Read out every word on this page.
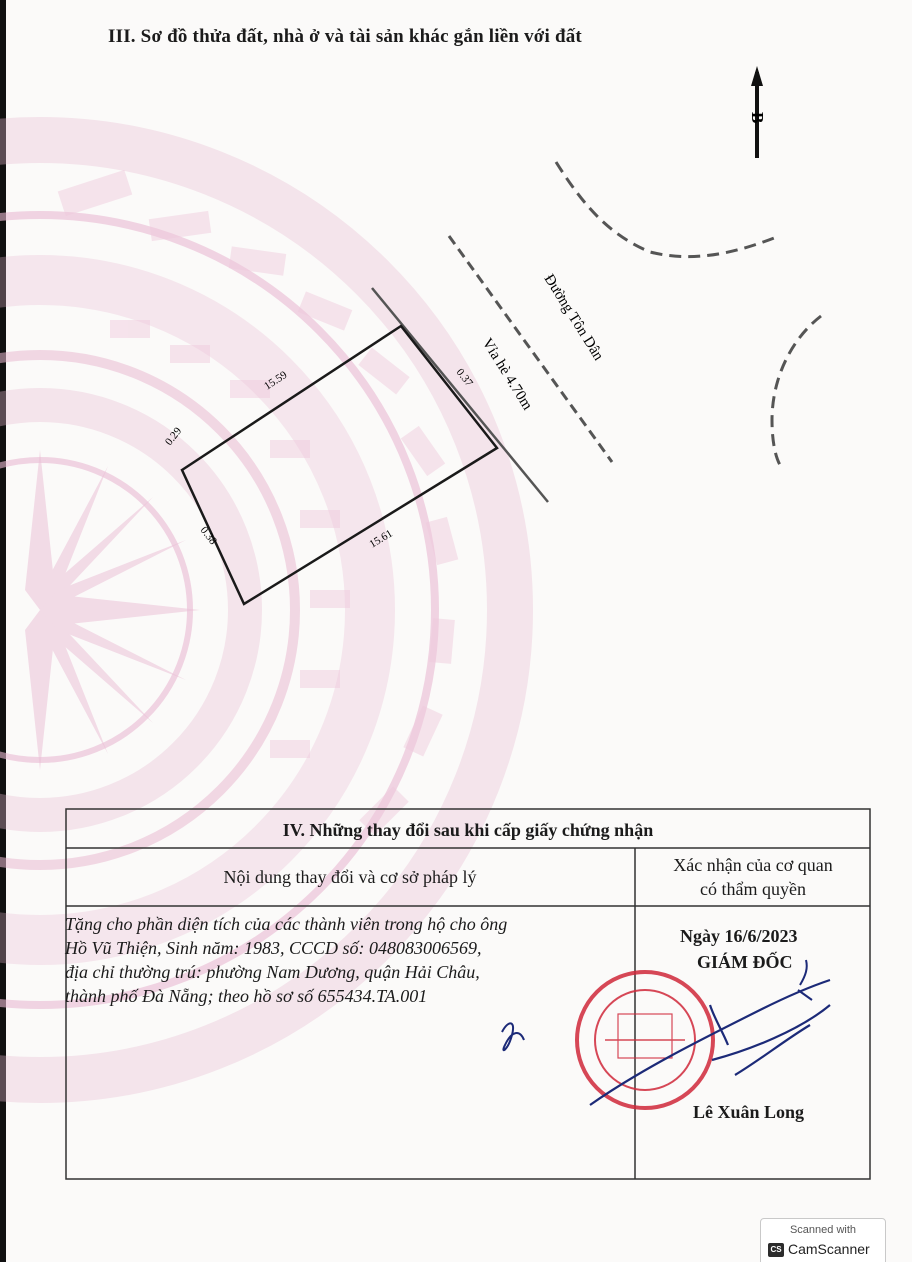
III. Sơ đồ thửa đất, nhà ở và tài sản khác gắn liền với đất
B
Đường Tôn Dân
Vỉa hè 4.70m
15.59
15.61
0.29
0.38
0.37
IV. Những thay đổi sau khi cấp giấy chứng nhận
Nội dung thay đổi và cơ sở pháp lý
Xác nhận của cơ quan
có thẩm quyền
Tặng cho phần diện tích của các thành viên trong hộ cho ông
Hồ Vũ Thiện, Sinh năm: 1983, CCCD số: 048083006569,
địa chỉ thường trú: phường Nam Dương, quận Hải Châu,
thành phố Đà Nẵng; theo hồ sơ số 655434.TA.001
Ngày 16/6/2023
GIÁM ĐỐC
Lê Xuân Long
Scanned with
CS CamScanner
